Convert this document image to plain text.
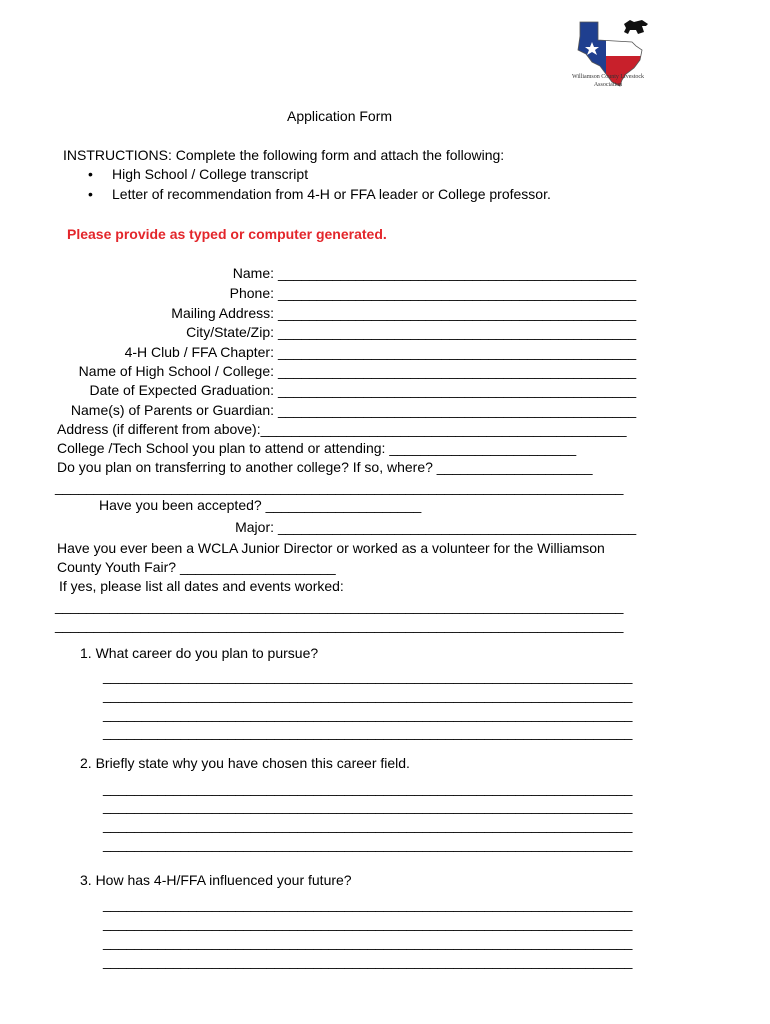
Williamson County Livestock
Association
Application Form
INSTRUCTIONS: Complete the following form and attach the following:
• High School / College transcript
• Letter of recommendation from 4-H or FFA leader or College professor.
Please provide as typed or computer generated.
Name: ______________________________________________
Phone: ______________________________________________
Mailing Address: ______________________________________________
City/State/Zip: ______________________________________________
4-H Club / FFA Chapter: ______________________________________________
Name of High School / College: ______________________________________________
Date of Expected Graduation: ______________________________________________
Name(s) of Parents or Guardian: ______________________________________________
Address (if different from above):_______________________________________________
College /Tech School you plan to attend or attending: ________________________
Do you plan on transferring to another college? If so, where? ____________________
_________________________________________________________________________
Have you been accepted? ____________________
Major: ______________________________________________
Have you ever been a WCLA Junior Director or worked as a volunteer for the Williamson
County Youth Fair? ____________________
If yes, please list all dates and events worked:
_________________________________________________________________________
_________________________________________________________________________
1. What career do you plan to pursue?
____________________________________________________________________
____________________________________________________________________
____________________________________________________________________
____________________________________________________________________
2. Briefly state why you have chosen this career field.
____________________________________________________________________
____________________________________________________________________
____________________________________________________________________
____________________________________________________________________
3. How has 4-H/FFA influenced your future?
____________________________________________________________________
____________________________________________________________________
____________________________________________________________________
____________________________________________________________________
